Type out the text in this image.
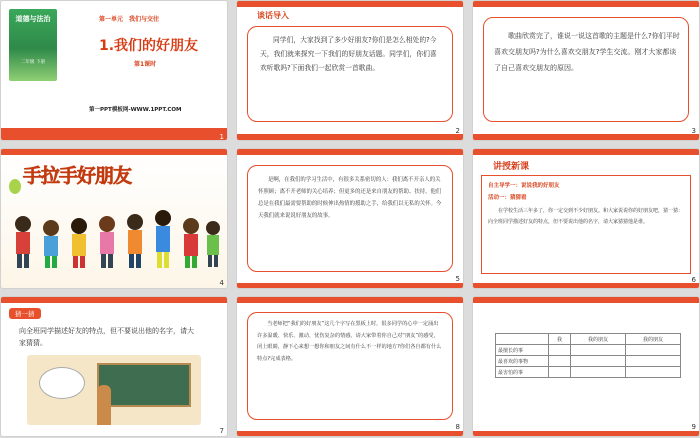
道德与法治
二年级 下册
第一单元　我们与交往
1.我们的好朋友
第1课时
第一PPT模板网-WWW.1PPT.COM
1
谈话导入
同学们，大家找到了多少好朋友?你们是怎么相处的?今天，我们就来探究一下我们的好朋友话题。同学们，你们喜欢听歌吗?下面我们一起欣赏一首歌曲。
2
歌曲欣赏完了，谁说一说这首歌的主题是什么?你们平时喜欢交朋友吗?为什么喜欢交朋友?学生交流。刚才大家都谈了自己喜欢交朋友的原因。
3
手拉手好朋友
4
是啊，在我们的学习生活中，有很多关系密切的人：我们离不开亲人的关怀照顾；离不开老师的关心培养；但更多的还是来自朋友的帮助、扶持，他们总是在我们最需要帮助的时候伸出热情的援助之手，给我们以无私的关怀。今天我们就来说说好朋友的故事。
5
讲授新课
自主导学一：说说我的好朋友
活动一：猜猜看
在学校生活三年多了，你一定交到不少好朋友。和大家说说你的好朋友吧，猜一猜：向全班同学描述好友的特点，但不要说出他的名字，请大家猜猜他是谁。
6
猜一猜
向全班同学描述好友的特点，但不要说出他的名字，请大家猜猜。
7
当老师把“我们的好朋友”这几个字写在黑板上时，很多同学的心中一定涌出许多温暖、快乐、激动、忧伤复杂的情感。请大家带着你自己对“朋友”的感受，闭上眼睛，静下心来想一想你和朋友之间有什么不一样的地方?你们各自都有什么特点?完成表格。
8
	我	我的朋友	我的朋友
最擅长的事			
最喜欢的事物			
最害怕的事			
9
